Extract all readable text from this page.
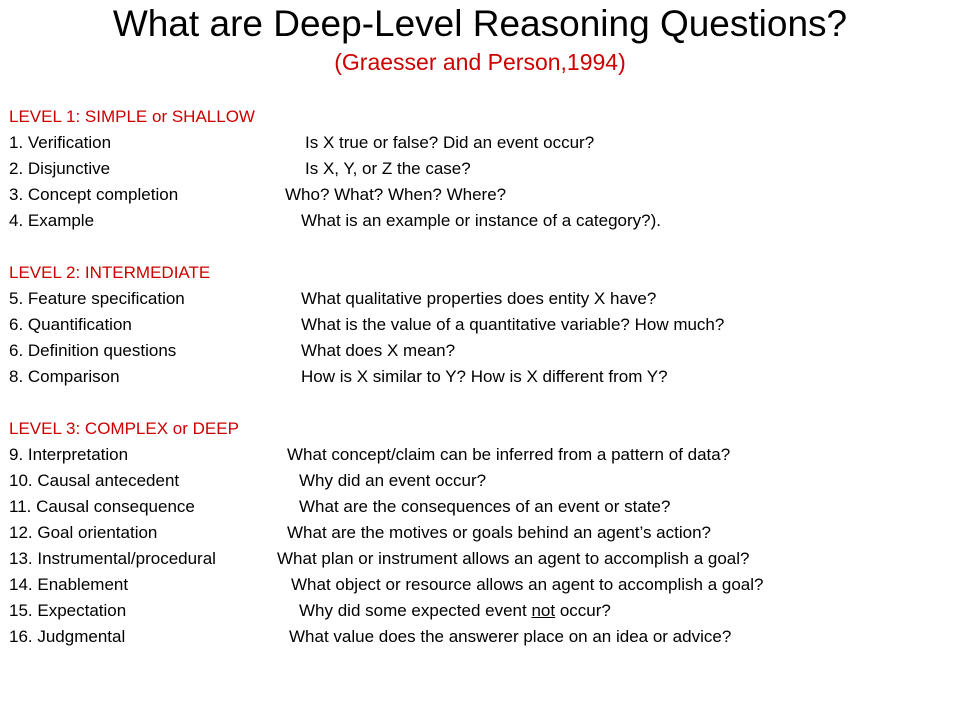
What are Deep-Level Reasoning Questions?
(Graesser and Person,1994)
LEVEL 1: SIMPLE or SHALLOW
1. Verification	Is X true or false? Did an event occur?
2. Disjunctive	Is X, Y, or Z the case?
3. Concept completion	Who? What? When? Where?
4. Example	What is an example or instance of a category?).
LEVEL 2: INTERMEDIATE
5. Feature specification	What qualitative properties does entity X have?
6. Quantification	What is the value of a quantitative variable? How much?
6. Definition questions	What does X mean?
8. Comparison	How is X similar to Y? How is X different from Y?
LEVEL 3: COMPLEX or DEEP
9. Interpretation	What concept/claim can be inferred from a pattern of data?
10. Causal antecedent	Why did an event occur?
11. Causal consequence	What are the consequences of an event or state?
12. Goal orientation	What are the motives or goals behind an agent’s action?
13. Instrumental/procedural	What plan or instrument allows an agent to accomplish a goal?
14. Enablement	What object or resource allows an agent to accomplish a goal?
15. Expectation	Why did some expected event not occur?
16. Judgmental	What value does the answerer place on an idea or advice?
